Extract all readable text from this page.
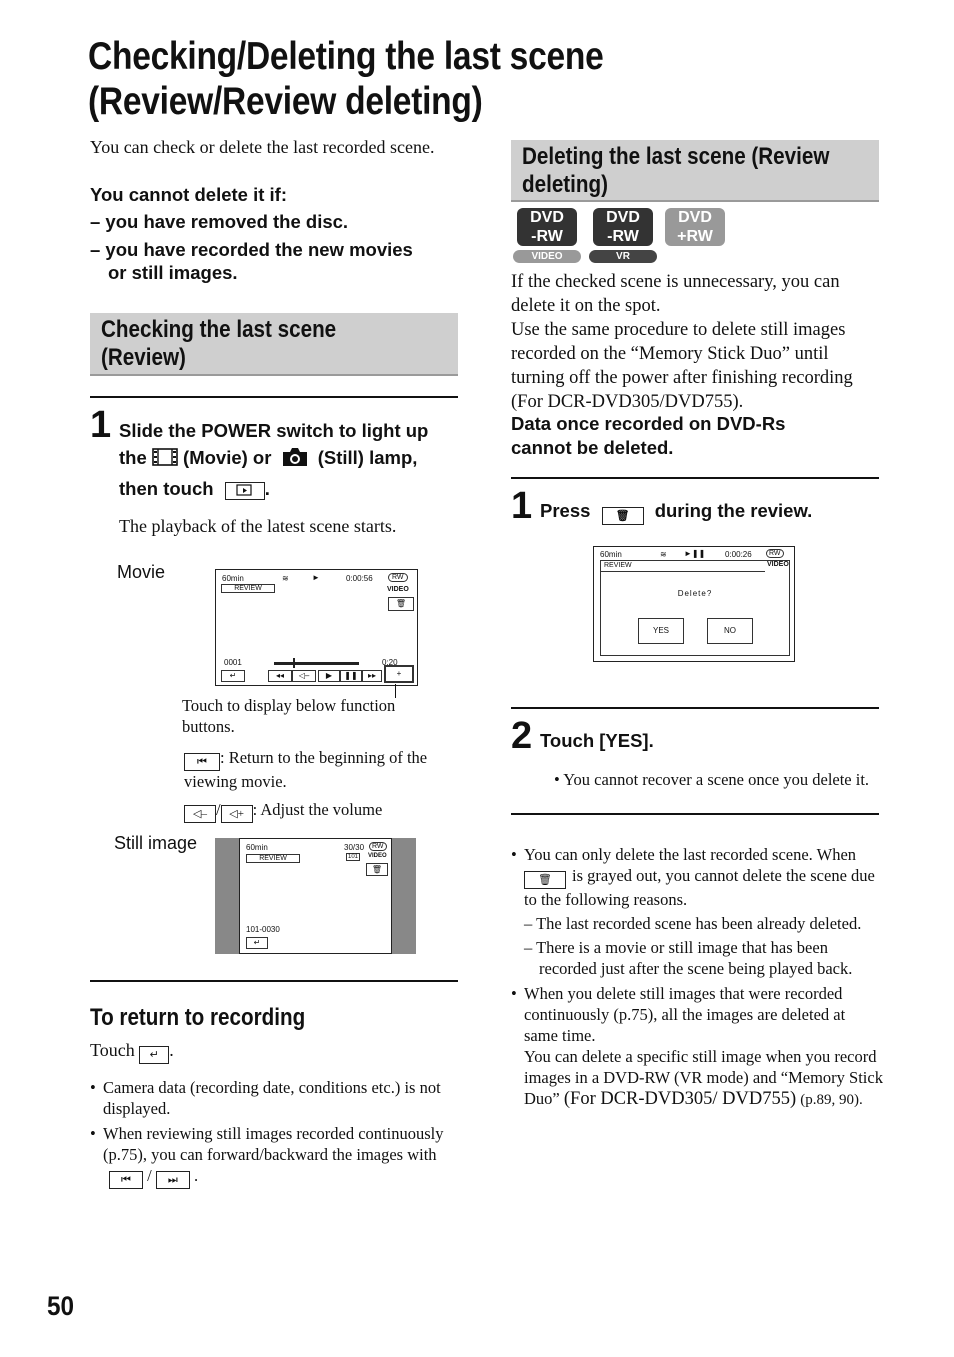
Checking/Deleting the last scene
(Review/Review deleting)
You can check or delete the last recorded scene.
You cannot delete it if:
– you have removed the disc.
– you have recorded the new movies
or still images.
Checking the last scene
(Review)
1 Slide the POWER switch to light up
the (Movie) or	(Still) lamp,
then touch	.
The playback of the latest scene starts.
Movie	60min	≋	►	0:00:56	RW
REVIEW	VIDEO
🗑
0001	0:20
↵	◂◂	◁–	▶	❚❚	▸▸	+
Touch to display below function buttons.
⏮ : Return to the beginning of the viewing movie.
◁– / ◁+ : Adjust the volume
Still image	60min	30/30	RW
101	VIDEO
REVIEW
🗑
101-0030
↵
To return to recording
Touch ↵ .
• Camera data (recording date, conditions etc.) is not displayed.
• When reviewing still images recorded continuously (p.75), you can forward/backward the images with ⏮ / ⏭ .
50
Deleting the last scene (Review
deleting)
DVD
-RW
VIDEO
DVD
-RW
VR
DVD
+RW
If the checked scene is unnecessary, you can delete it on the spot.
Use the same procedure to delete still images recorded on the “Memory Stick Duo” until turning off the power after finishing recording (For DCR-DVD305/DVD755).
Data once recorded on DVD-Rs cannot be deleted.
1 Press 🗑 during the review.
60min	≋ ►❚❚ 0:00:26	RW
REVIEW	VIDEO
Delete?
YES	NO
2 Touch [YES].
• You cannot recover a scene once you delete it.
• You can only delete the last recorded scene. When 🗑 is grayed out, you cannot delete the scene due to the following reasons.
– The last recorded scene has been already deleted.
– There is a movie or still image that has been recorded just after the scene being played back.
• When you delete still images that were recorded continuously (p.75), all the images are deleted at same time.
You can delete a specific still image when you record images in a DVD-RW (VR mode) and “Memory Stick Duo” (For DCR-DVD305/ DVD755) (p.89, 90).
